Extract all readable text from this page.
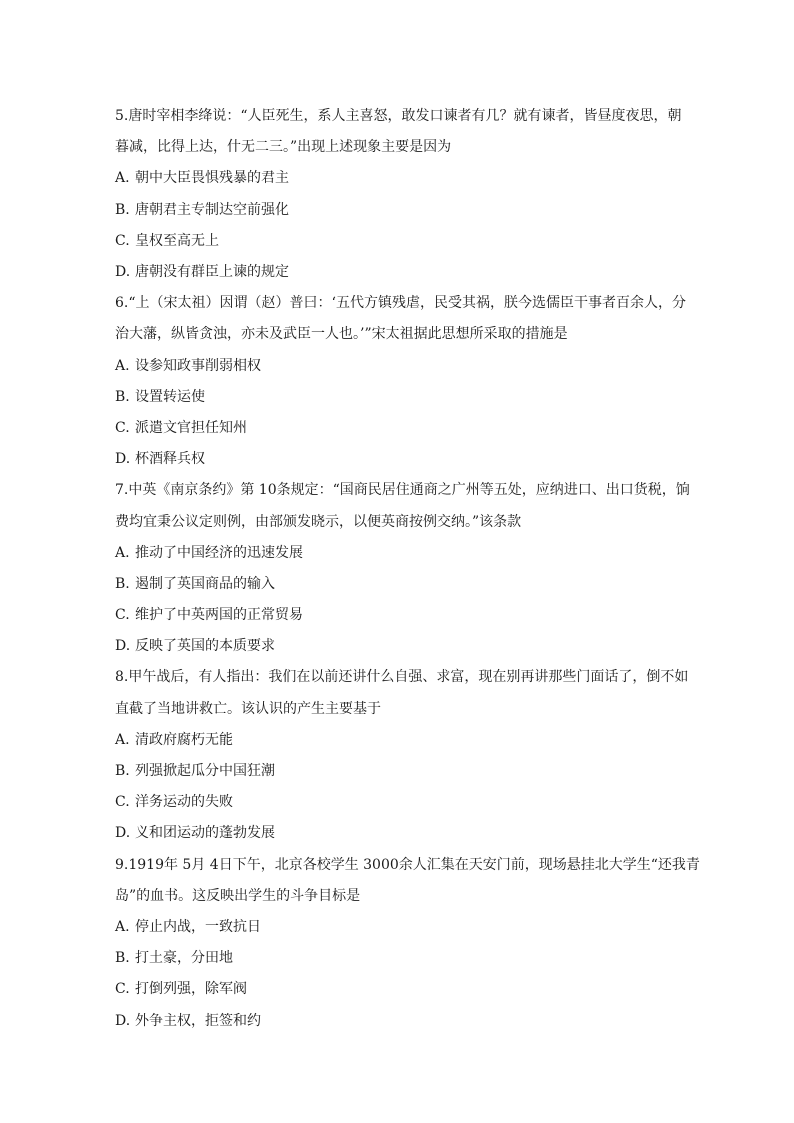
5.唐时宰相李绛说：“人臣死生，系人主喜怒，敢发口谏者有几？就有谏者，皆昼度夜思，朝
暮减，比得上达，什无二三。”出现上述现象主要是因为
A. 朝中大臣畏惧残暴的君主
B. 唐朝君主专制达空前强化
C. 皇权至高无上
D. 唐朝没有群臣上谏的规定
6.“上（宋太祖）因谓（赵）普曰：‘五代方镇残虐，民受其祸，朕今选儒臣干事者百余人，分
治大藩，纵皆贪浊，亦未及武臣一人也。’”宋太祖据此思想所采取的措施是
A. 设参知政事削弱相权
B. 设置转运使
C. 派遣文官担任知州
D. 杯酒释兵权
7.中英《南京条约》第 10条规定：“国商民居住通商之广州等五处，应纳进口、出口货税，饷
费均宜秉公议定则例，由部颁发晓示，以便英商按例交纳。”该条款
A. 推动了中国经济的迅速发展
B. 遏制了英国商品的输入
C. 维护了中英两国的正常贸易
D. 反映了英国的本质要求
8.甲午战后，有人指出：我们在以前还讲什么自强、求富，现在别再讲那些门面话了，倒不如
直截了当地讲救亡。该认识的产生主要基于
A. 清政府腐朽无能
B. 列强掀起瓜分中国狂潮
C. 洋务运动的失败
D. 义和团运动的蓬勃发展
9.1919年 5月 4日下午，北京各校学生 3000余人汇集在天安门前，现场悬挂北大学生“还我青
岛”的血书。这反映出学生的斗争目标是
A. 停止内战，一致抗日
B. 打土豪，分田地
C. 打倒列强，除军阀
D. 外争主权，拒签和约
